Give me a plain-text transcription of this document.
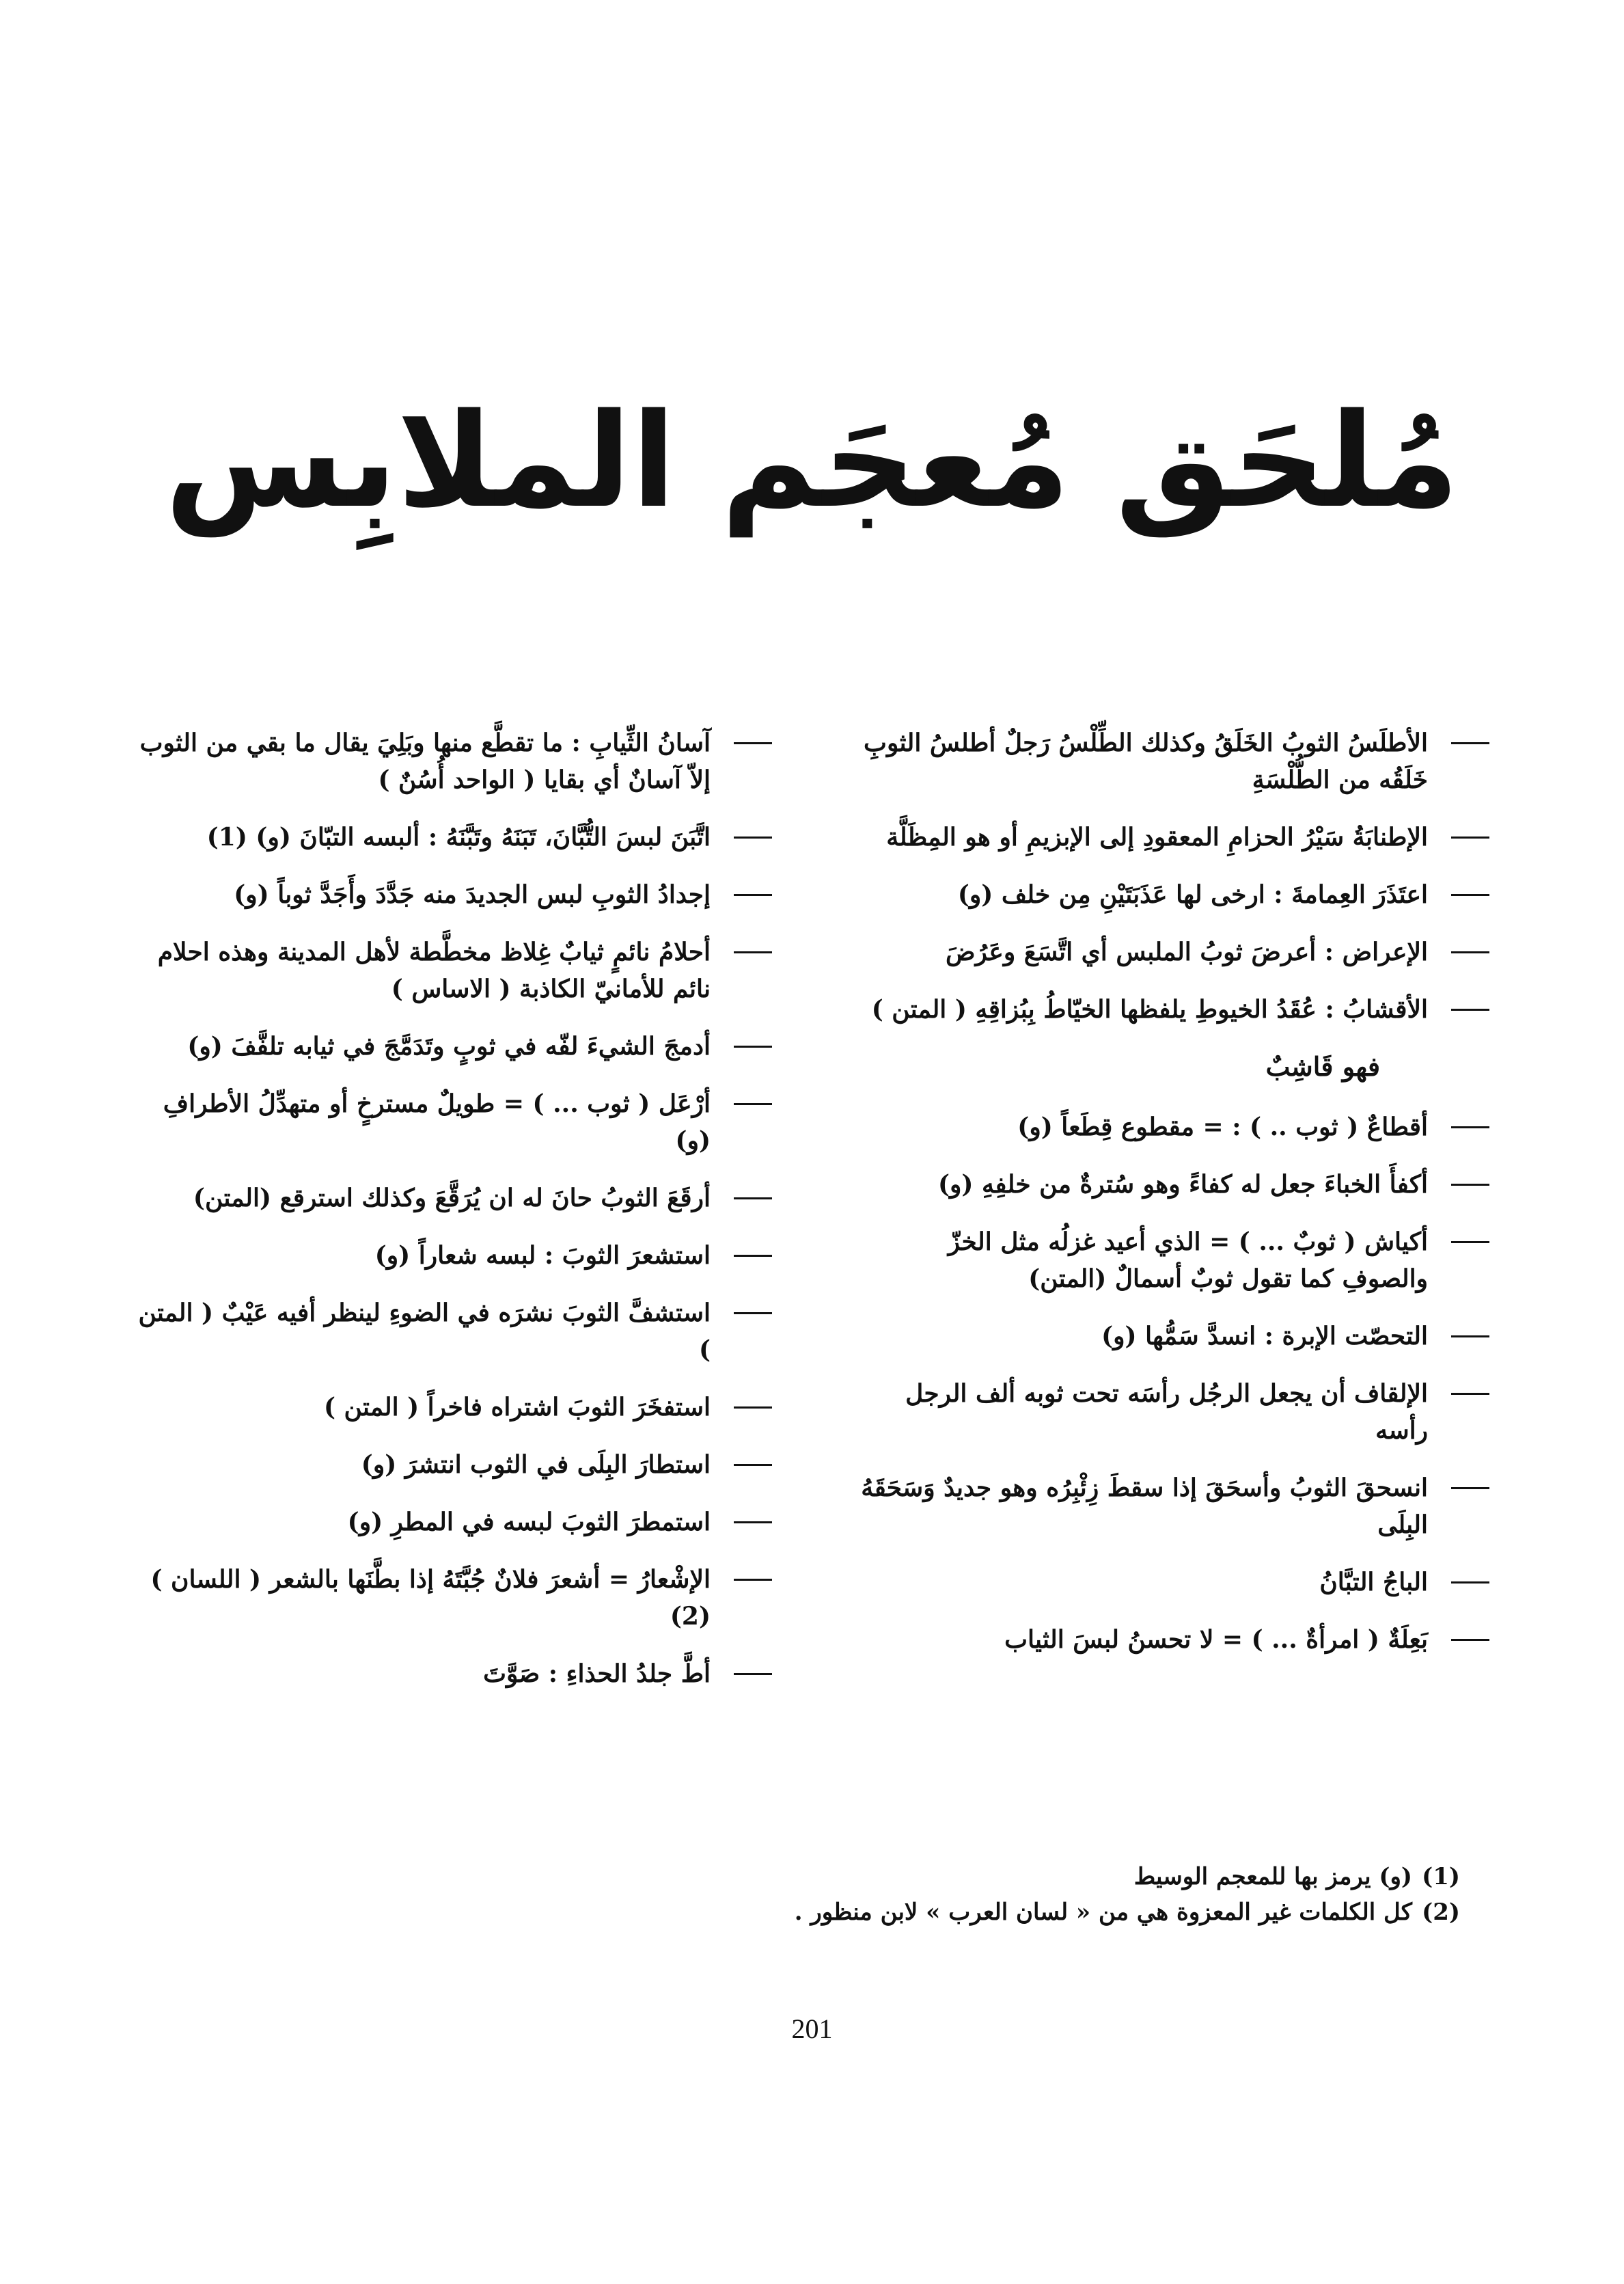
مُلحَق مُعجَم الملابِس
آسانُ الثِّيابِ : ما تقطَّع منها وبَلِيَ يقال ما بقي من الثوب إلاّ آسانٌ أي بقايا ( الواحد أُسُنٌ )
اتَّبَنَ لبسَ التُّبَّانَ، تَبَنَهُ وتَبَّنَهُ : ألبسه التبّانَ (و) (1)
إجدادُ الثوبِ لبس الجديدَ منه جَدَّدَ وأَجَدَّ ثوباً (و)
أحلامُ نائمٍ ثيابٌ غِلاظ مخطَّطة لأهل المدينة وهذه احلام نائم للأمانيّ الكاذبة ( الاساس )
أدمجَ الشيءَ لفّه في ثوبٍ وتَدَمَّجَ في ثيابه تلفَّفَ (و)
أرْعَل ( ثوب ... ) = طويلٌ مسترخٍ أو متهدِّلُ الأطرافِ (و)
أرقَعَ الثوبُ حانَ له ان يُرَقَّعَ وكذلك استرقع (المتن)
استشعرَ الثوبَ : لبسه شعاراً (و)
استشفَّ الثوبَ نشرَه في الضوءِ لينظر أفيه عَيْبٌ ( المتن )
استفخَرَ الثوبَ اشتراه فاخراً ( المتن )
استطارَ البِلَى في الثوب انتشرَ (و)
استمطرَ الثوبَ لبسه في المطرِ (و)
الإشْعارُ = أشعرَ فلانٌ جُبَّتَهُ إذا بطَّنَها بالشعر ( اللسان ) (2)
أطَّ جلدُ الحذاءِ : صَوَّتَ
الأطلَسُ الثوبُ الخَلَقُ وكذلك الطِّلْسُ رَجلٌ أطلسُ الثوبِ خَلَقُه من الطُّلْسَةِ
الإطنابَةُ سَيْرُ الحزامِ المعقودِ إلى الإبزيمِ أو هو المِظَلَّة
اعتَذَرَ العِمامةَ : ارخى لها عَذَبَتَيْنِ مِن خلف (و)
الإعراض : أعرضَ ثوبُ الملبس أي اتَّسَعَ وعَرُضَ
الأقشابُ : عُقَدُ الخيوطِ يلفظها الخيّاطُ بِبُزاقِهِ ( المتن )
فهو قَاشِبٌ
أقطاعٌ ( ثوب .. ) : = مقطوع قِطَعاً (و)
أكفأَ الخباءَ جعل له كفاءً وهو سُترةٌ من خلفِهِ (و)
أكياش ( ثوبٌ ... ) = الذي أعيد غزلُه مثل الخزّ والصوفِ كما تقول ثوبٌ أسمالٌ (المتن)
التحصّت الإبرة : انسدَّ سَمُّها (و)
الإلقاف أن يجعل الرجُل رأسَه تحت ثوبه ألف الرجل رأسه
انسحقَ الثوبُ وأسحَقَ إذا سقطَ زِئْبِرُه وهو جديدٌ وَسَحَقَهُ البِلَى
الباجُ التبَّانُ
بَعِلَةٌ ( امرأةٌ ... ) = لا تحسنُ لبسَ الثياب
(1)
(و) يرمز بها للمعجم الوسيط
(2)
كل الكلمات غير المعزوة هي من « لسان العرب » لابن منظور .
201
